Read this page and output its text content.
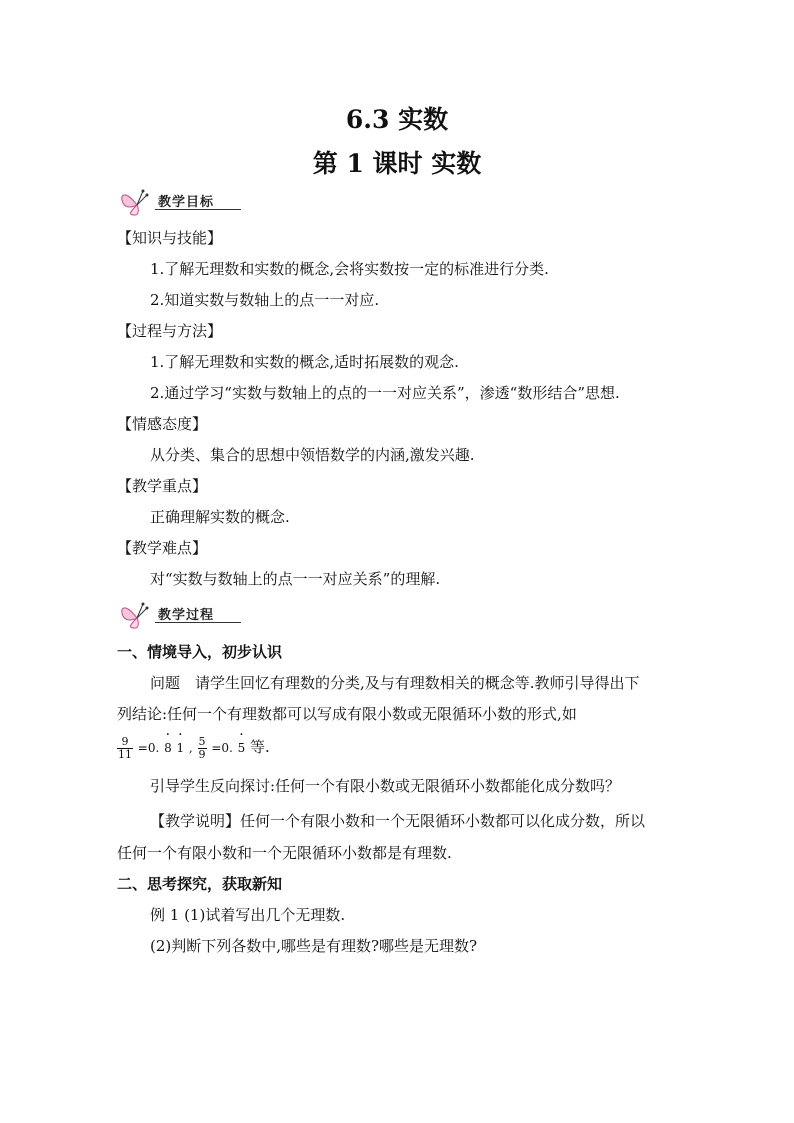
6.3 实数
第 1 课时 实数
教学目标
【知识与技能】
1.了解无理数和实数的概念,会将实数按一定的标准进行分类.
2.知道实数与数轴上的点一一对应.
【过程与方法】
1.了解无理数和实数的概念,适时拓展数的观念.
2.通过学习“实数与数轴上的点的一一对应关系”，渗透“数形结合”思想.
【情感态度】
从分类、集合的思想中领悟数学的内涵,激发兴趣.
【教学重点】
正确理解实数的概念.
【教学难点】
对“实数与数轴上的点一一对应关系”的理解.
教学过程
一、情境导入，初步认识
问题　请学生回忆有理数的分类,及与有理数相关的概念等.教师引导得出下
列结论:任何一个有理数都可以写成有限小数或无限循环小数的形式,如
$\frac{9}{11} =0$. · 8 · 1 , $\frac{5}{9} =0$. · 5 等.
引导学生反向探讨:任何一个有限小数或无限循环小数都能化成分数吗？
【教学说明】任何一个有限小数和一个无限循环小数都可以化成分数，所以
任何一个有限小数和一个无限循环小数都是有理数.
二、思考探究，获取新知
例 1 (1)试着写出几个无理数.
(2)判断下列各数中,哪些是有理数?哪些是无理数?
